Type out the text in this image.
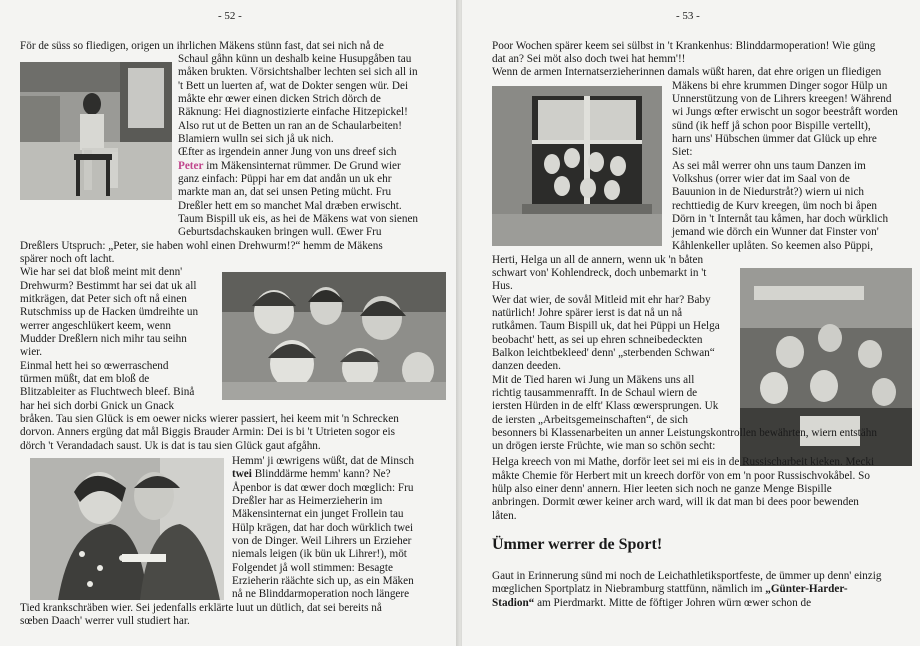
- 52 -
För de süss so fliedigen, origen un ihrlichen Mäkens stünn fast, dat sei nich nå de
Schaul gåhn künn un deshalb keine Husupgåben tau
måken brukten. Vörsichtshalber lechten sei sich all in
't Bett un luerten af, wat de Dokter sengen wür. Dei
måkte ehr œwer einen dicken Strich dörch de
Räknung: Hei diagnostizierte einfache Hitzepickel!
Also rut ut de Betten un ran an de Schaularbeiten!
Blamiern wulln sei sich jå uk nich.
Œfter as irgendein anner Jung von uns dreef sich
Peter im Mäkensinternat rümmer. De Grund wier
ganz einfach: Püppi har em dat andån un uk ehr
markte man an, dat sei unsen Peting mücht. Fru
Dreßler hett em so manchet Mal dræben erwischt.
Taum Bispill uk eis, as hei de Mäkens wat von sienen
Geburtsdachskauken bringen wull. Œwer Fru
Dreßlers Utspruch: „Peter, sie haben wohl einen Drehwurm!?“ hemm de Mäkens
spärer noch oft lacht.
Wie har sei dat bloß meint mit denn'
Drehwurm? Bestimmt har sei dat uk all
mitkrägen, dat Peter sich oft nå einen
Rutschmiss up de Hacken ümdreihte un
werrer angeschlükert keem, wenn
Mudder Dreßlern nich mihr tau seihn
wier.
Einmal hett hei so œwerraschend
türmen müßt, dat em bloß de
Blitzableiter as Fluchtwech bleef. Binå
har hei sich dorbi Gnick un Gnack
bråken. Tau sien Glück is em oewer nicks wierer passiert, hei keem mit 'n Schrecken
dorvon. Anners ergüng dat mål Biggis Brauder Armin: Dei is bi 't Utrieten sogor eis
dörch 't Verandadach saust. Uk is dat is tau sien Glück gaut afgåhn.
Hemm' ji œwrigens wüßt, dat de Minsch
twei Blinddärme hemm' kann? Ne?
Åpenbor is dat œwer doch mœglich: Fru
Dreßler har as Heimerzieherin im
Mäkensinternat ein junget Frollein tau
Hülp krägen, dat har doch würklich twei
von de Dinger. Weil Lihrers un Erzieher
niemals leigen (ik bün uk Lihrer!), möt
Folgendet jå woll stimmen: Besagte
Erzieherin räächte sich up, as ein Mäken
nå ne Blinddarmoperation noch längere
Tied krankschräben wier. Sei jedenfalls erklärte luut un dütlich, dat sei bereits nå
sœben Daach' werrer vull studiert har.
- 53 -
Poor Wochen spärer keem sei sülbst in 't Krankenhus: Blinddarmoperation! Wie güng
dat an? Sei möt also doch twei hat hemm'!!
Wenn de armen Internatserzieherinnen damals wüßt haren, dat ehre origen un fliedigen
Mäkens bi ehre krummen Dinger sogor Hülp un
Unnerstützung von de Lihrers kreegen! Während
wi Jungs œfter erwischt un sogor beestråft worden
sünd (ik heff jå schon poor Bispille vertellt),
harn uns' Hübschen ümmer dat Glück up ehre
Siet:
As sei mål werrer ohn uns taum Danzen im
Volkshus (orrer wier dat im Saal von de
Bauunion in de Niedurstråt?) wiern ui nich
rechttiedig de Kurv kreegen, üm noch bi åpen
Dörn in 't Internåt tau kåmen, har doch würklich
jemand wie dörch ein Wunner dat Finster von'
Kåhlenkeller uplåten. So keemen also Püppi,
Herti, Helga un all de annern, wenn uk 'n båten
schwart von' Kohlendreck, doch unbemarkt in 't
Hus.
Wer dat wier, de sovål Mitleid mit ehr har? Baby
natürlich! Johre spärer ierst is dat nå un nå
rutkåmen. Taum Bispill uk, dat hei Püppi un Helga
beobacht' hett, as sei up ehren schneibedeckten
Balkon leichtbekleed' denn' „sterbenden Schwan“
danzen deeden.
Mit de Tied haren wi Jung un Mäkens uns all
richtig tausammenrafft. In de Schaul wiern de
iersten Hürden in de elft' Klass œwersprungen. Uk
de iersten „Arbeitsgemeinschaften“, de sich
besonners bi Klassenarbeiten un anner Leistungskontrollen bewährten, wiern entstähn
un drögen ierste Früchte, wie man so schön secht:
Helga kreech von mi Mathe, dorför leet sei mi eis in de Russischarbeit kieken. Mecki
måkte Chemie för Herbert mit un kreech dorför von em 'n poor Russischvokåbel. So
hülp also einer denn' annern. Hier leeten sich noch ne ganze Menge Bispille
anbringen. Dormit œwer keiner arch ward, will ik dat man bi dees poor bewenden
låten.
Ümmer werrer de Sport!
Gaut in Erinnerung sünd mi noch de Leichathletiksportfeste, de ümmer up denn' einzig
mœglichen Sportplatz in Niebramburg stattfünn, nämlich im „Günter-Harder-
Stadion“ am Pierdmarkt. Mitte de föftiger Johren würn œwer schon de
